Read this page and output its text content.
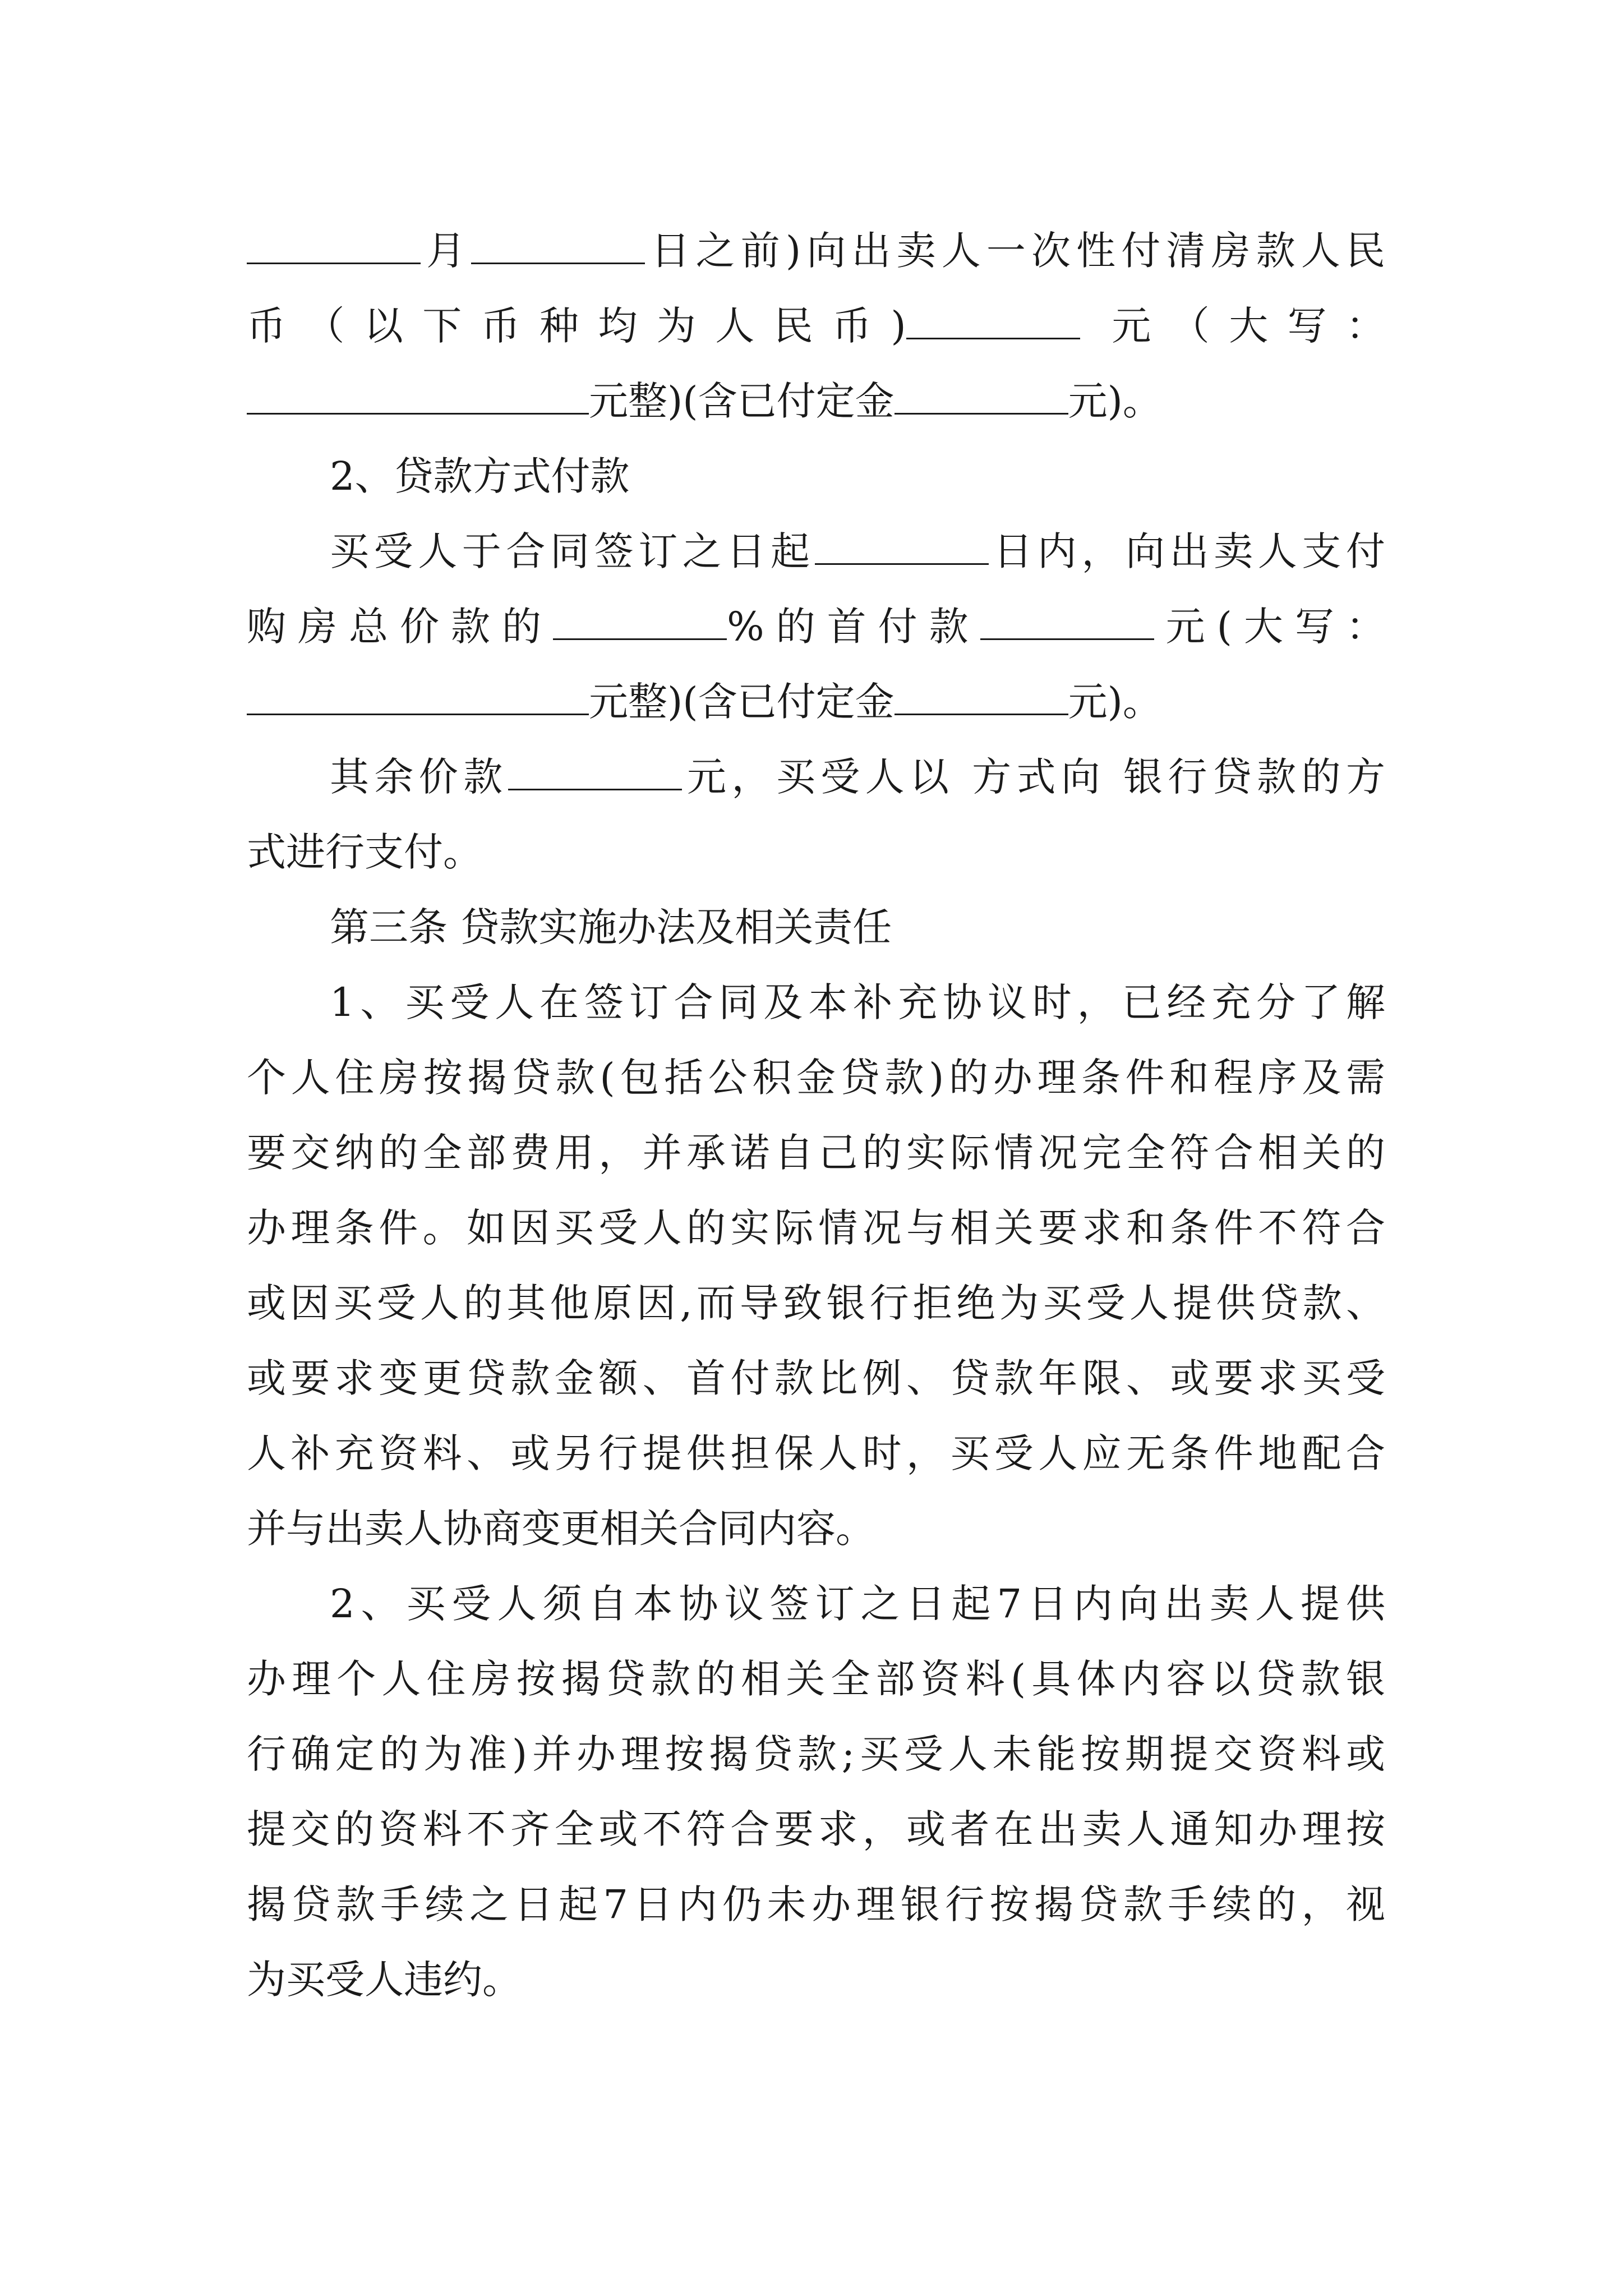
月	日之前)向出卖人一次性付清房款人民
币（以下币种均为人民币)	元（大写：
元整)(含已付定金	元)。
2、贷款方式付款
买受人于合同签订之日起	日内，向出卖人支付
购房总价款的	%的首付款	元(大写：
元整)(含已付定金	元)。
其余价款	元，买受人以 方式向 银行贷款的方
式进行支付。
第三条 贷款实施办法及相关责任
1、买受人在签订合同及本补充协议时，已经充分了解
个人住房按揭贷款(包括公积金贷款)的办理条件和程序及需
要交纳的全部费用，并承诺自己的实际情况完全符合相关的
办理条件。如因买受人的实际情况与相关要求和条件不符合
或因买受人的其他原因,而导致银行拒绝为买受人提供贷款、
或要求变更贷款金额、首付款比例、贷款年限、或要求买受
人补充资料、或另行提供担保人时，买受人应无条件地配合
并与出卖人协商变更相关合同内容。
2、买受人须自本协议签订之日起7日内向出卖人提供
办理个人住房按揭贷款的相关全部资料(具体内容以贷款银
行确定的为准)并办理按揭贷款;买受人未能按期提交资料或
提交的资料不齐全或不符合要求，或者在出卖人通知办理按
揭贷款手续之日起7日内仍未办理银行按揭贷款手续的，视
为买受人违约。
